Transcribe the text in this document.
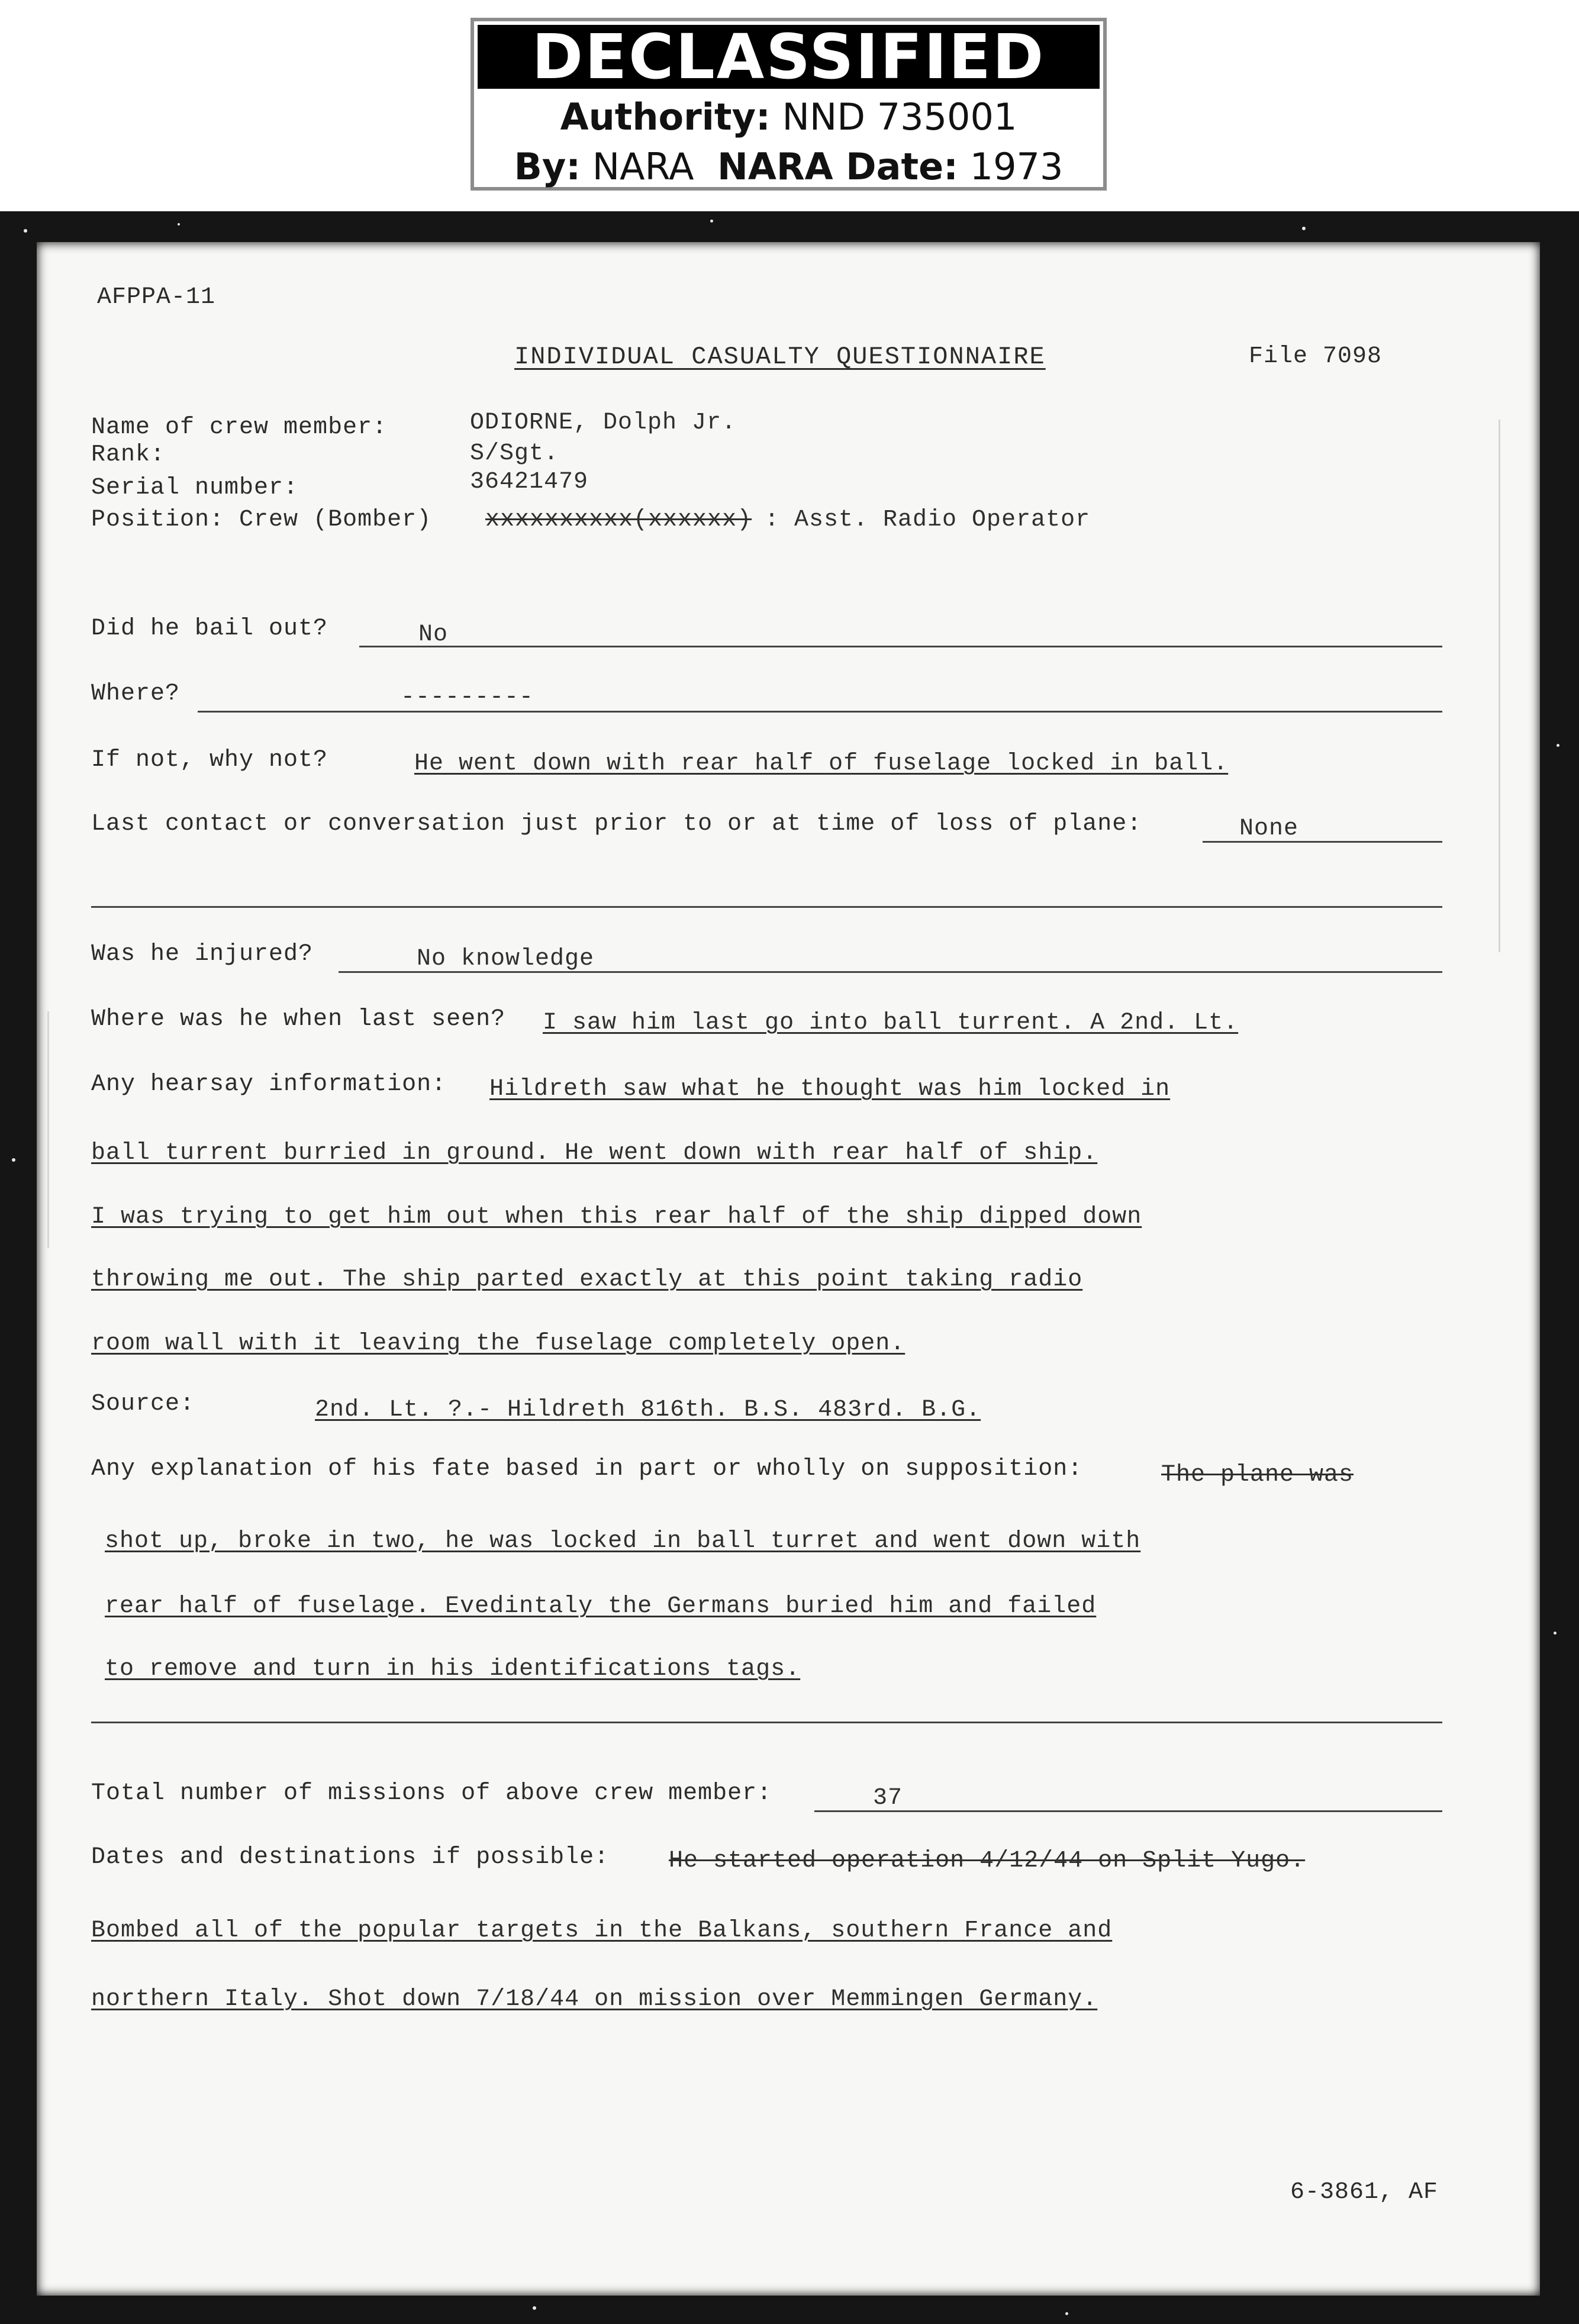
DECLASSIFIED
Authority: NND 735001
By: NARA NARA Date: 1973
AFPPA-11
INDIVIDUAL CASUALTY QUESTIONNAIRE	File 7098
Name of crew member:	ODIORNE, Dolph Jr.
Rank:	S/Sgt.
Serial number:	36421479
Position: Crew (Bomber) xxxxxxxxxx(xxxxxx) : Asst. Radio Operator
Did he bail out?	No
Where?	---------
If not, why not?	He went down with rear half of fuselage locked in ball.
Last contact or conversation just prior to or at time of loss of plane:	None
Was he injured?	No knowledge
Where was he when last seen? I saw him last go into ball turrent. A 2nd. Lt.
Any hearsay information: Hildreth saw what he thought was him locked in
ball turrent burried in ground. He went down with rear half of ship.
I was trying to get him out when this rear half of the ship dipped down
throwing me out. The ship parted exactly at this point taking radio
room wall with it leaving the fuselage completely open.
Source:	2nd. Lt. ?.- Hildreth 816th. B.S. 483rd. B.G.
Any explanation of his fate based in part or wholly on supposition:	The plane was
shot up, broke in two, he was locked in ball turret and went down with
rear half of fuselage. Evedintaly the Germans buried him and failed
to remove and turn in his identifications tags.
Total number of missions of above crew member:	37
Dates and destinations if possible:	He started operation 4/12/44 on Split Yugo.
Bombed all of the popular targets in the Balkans, southern France and
northern Italy. Shot down 7/18/44 on mission over Memmingen Germany.
6-3861, AF
